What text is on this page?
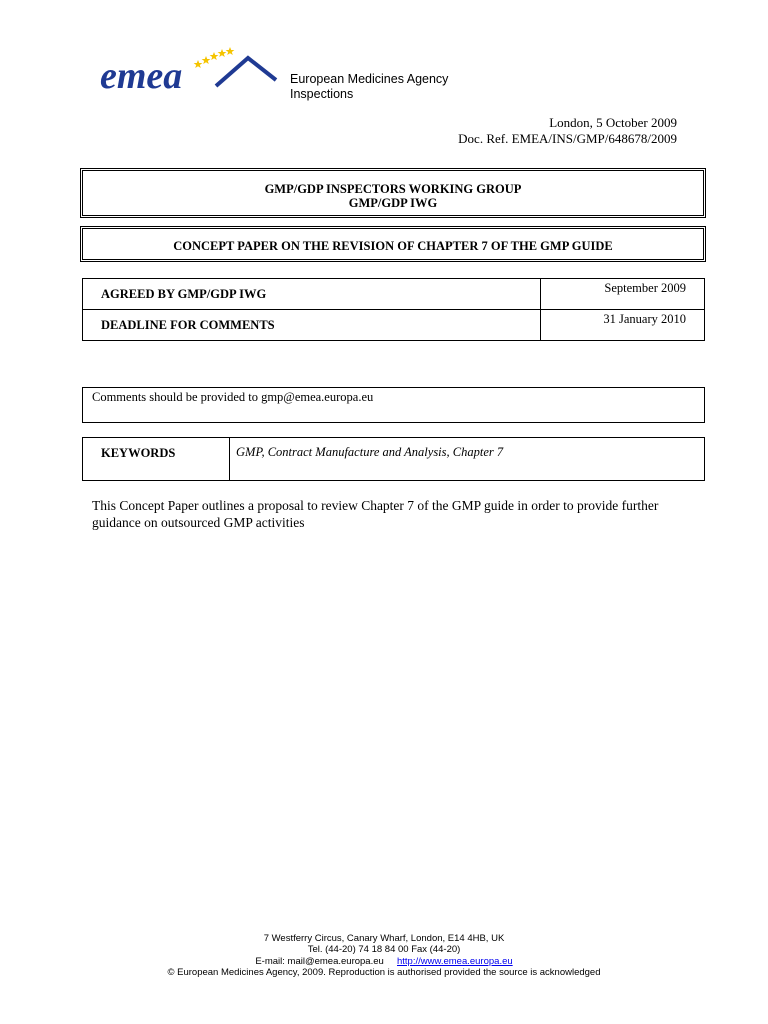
emea	European Medicines Agency
Inspections
London, 5 October 2009
Doc. Ref. EMEA/INS/GMP/648678/2009
GMP/GDP INSPECTORS WORKING GROUP
GMP/GDP IWG
CONCEPT PAPER ON THE REVISION OF CHAPTER 7 OF THE GMP GUIDE
AGREED BY GMP/GDP IWG	September 2009
DEADLINE FOR COMMENTS	31 January 2010
Comments should be provided to gmp@emea.europa.eu
KEYWORDS	GMP, Contract Manufacture and Analysis, Chapter 7
This Concept Paper outlines a proposal to review Chapter 7 of the GMP guide in order to provide further guidance on outsourced GMP activities
7 Westferry Circus, Canary Wharf, London, E14 4HB, UK
Tel. (44-20) 74 18 84 00 Fax (44-20)
E-mail: mail@emea.europa.eu http://www.emea.europa.eu
© European Medicines Agency, 2009. Reproduction is authorised provided the source is acknowledged
